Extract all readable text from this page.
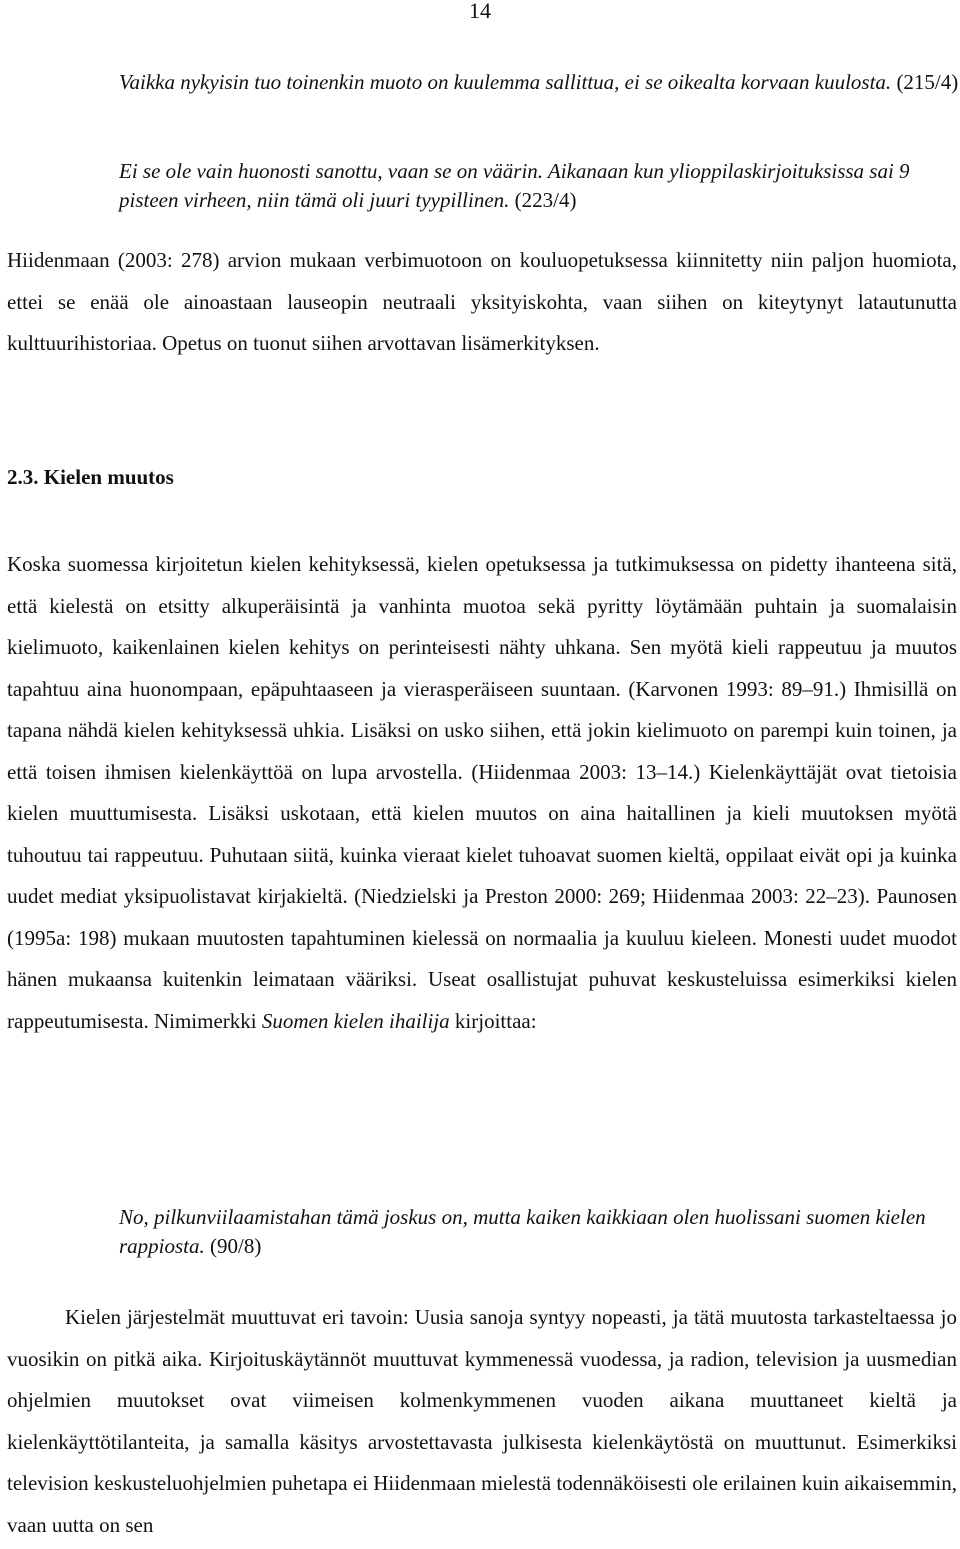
14

Vaikka nykyisin tuo toinenkin muoto on kuulemma sallittua, ei se oikealta korvaan kuulosta. (215/4)

Ei se ole vain huonosti sanottu, vaan se on väärin. Aikanaan kun ylioppilaskirjoituksissa sai 9 pisteen virheen, niin tämä oli juuri tyypillinen. (223/4)

Hiidenmaan (2003: 278) arvion mukaan verbimuotoon on kouluopetuksessa kiinnitetty niin paljon huomiota, ettei se enää ole ainoastaan lauseopin neutraali yksityiskohta, vaan siihen on kiteytynyt latautunutta kulttuurihistoriaa. Opetus on tuonut siihen arvottavan lisämerkityksen.

2.3. Kielen muutos

Koska suomessa kirjoitetun kielen kehityksessä, kielen opetuksessa ja tutkimuksessa on pidetty ihanteena sitä, että kielestä on etsitty alkuperäisintä ja vanhinta muotoa sekä pyritty löytämään puhtain ja suomalaisin kielimuoto, kaikenlainen kielen kehitys on perinteisesti nähty uhkana. Sen myötä kieli rappeutuu ja muutos tapahtuu aina huonompaan, epäpuhtaaseen ja vierasperäiseen suuntaan. (Karvonen 1993: 89–91.) Ihmisillä on tapana nähdä kielen kehityksessä uhkia. Lisäksi on usko siihen, että jokin kielimuoto on parempi kuin toinen, ja että toisen ihmisen kielenkäyttöä on lupa arvostella. (Hiidenmaa 2003: 13–14.) Kielenkäyttäjät ovat tietoisia kielen muuttumisesta. Lisäksi uskotaan, että kielen muutos on aina haitallinen ja kieli muutoksen myötä tuhoutuu tai rappeutuu. Puhutaan siitä, kuinka vieraat kielet tuhoavat suomen kieltä, oppilaat eivät opi ja kuinka uudet mediat yksipuolistavat kirjakieltä. (Niedzielski ja Preston 2000: 269; Hiidenmaa 2003: 22–23). Paunosen (1995a: 198) mukaan muutosten tapahtuminen kielessä on normaalia ja kuuluu kieleen. Monesti uudet muodot hänen mukaansa kuitenkin leimataan vääriksi. Useat osallistujat puhuvat keskusteluissa esimerkiksi kielen rappeutumisesta. Nimimerkki Suomen kielen ihailija kirjoittaa:

No, pilkunviilaamistahan tämä joskus on, mutta kaiken kaikkiaan olen huolissani suomen kielen rappiosta. (90/8)

Kielen järjestelmät muuttuvat eri tavoin: Uusia sanoja syntyy nopeasti, ja tätä muutosta tarkasteltaessa jo vuosikin on pitkä aika. Kirjoituskäytännöt muuttuvat kymmenessä vuodessa, ja radion, television ja uusmedian ohjelmien muutokset ovat viimeisen kolmenkymmenen vuoden aikana muuttaneet kieltä ja kielenkäyttötilanteita, ja samalla käsitys arvostettavasta julkisesta kielenkäytöstä on muuttunut. Esimerkiksi television keskusteluohjelmien puhetapa ei Hiidenmaan mielestä todennäköisesti ole erilainen kuin aikaisemmin, vaan uutta on sen
